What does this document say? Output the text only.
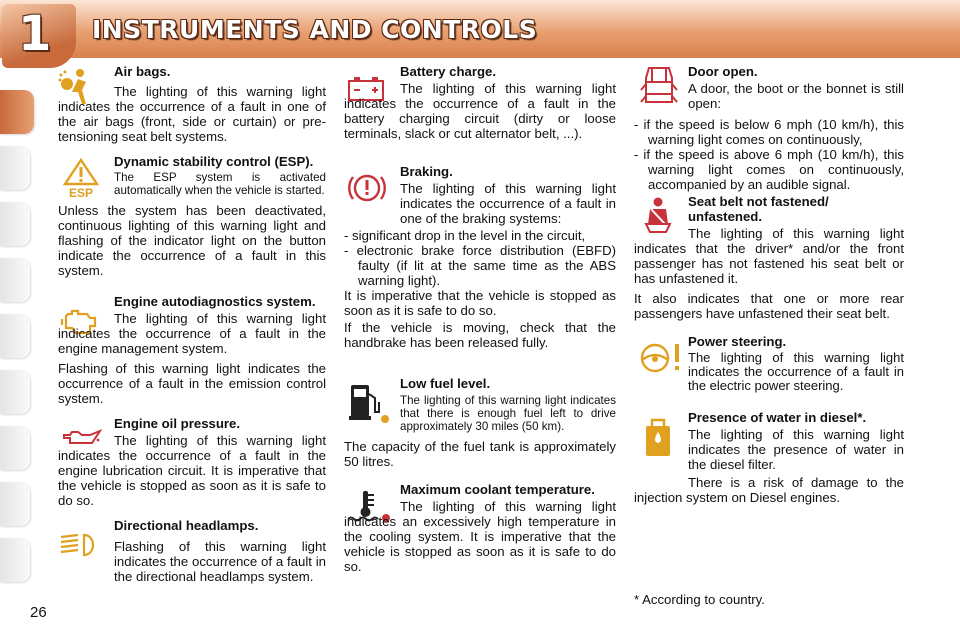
1 INSTRUMENTS AND CONTROLS

Air bags.

The lighting of this warning light indicates the occurrence of a fault in one of the air bags (front, side or curtain) or pre-tensioning seat belt systems.

ESP

Dynamic stability control (ESP).

The ESP system is activated automatically when the vehicle is started.

Unless the system has been deactivated, continuous lighting of this warning light and flashing of the indicator light on the button indicate the occurrence of a fault in this system.

Engine autodiagnostics system.

The lighting of this warning light indicates the occurrence of a fault in the engine management system.

Flashing of this warning light indicates the occurrence of a fault in the emission control system.

Engine oil pressure.

The lighting of this warning light indicates the occurrence of a fault in the engine lubrication circuit. It is imperative that the vehicle is stopped as soon as it is safe to do so.

Directional headlamps.

Flashing of this warning light indicates the occurrence of a fault in the directional headlamps system.

Battery charge.

The lighting of this warning light indicates the occurrence of a fault in the battery charging circuit (dirty or loose terminals, slack or cut alternator belt, ...).

Braking.

The lighting of this warning light indicates the occurrence of a fault in one of the braking systems:

- significant drop in the level in the circuit,

- electronic brake force distribution (EBFD) faulty (if lit at the same time as the ABS warning light).

It is imperative that the vehicle is stopped as soon as it is safe to do so.

If the vehicle is moving, check that the handbrake has been released fully.

Low fuel level.

The lighting of this warning light indicates that there is enough fuel left to drive approximately 30 miles (50 km).

The capacity of the fuel tank is approximately 50 litres.

Maximum coolant temperature.

The lighting of this warning light indicates an excessively high temperature in the cooling system. It is imperative that the vehicle is stopped as soon as it is safe to do so.

Door open.

A door, the boot or the bonnet is still open:

- if the speed is below 6 mph (10 km/h), this warning light comes on continuously,

- if the speed is above 6 mph (10 km/h), this warning light comes on continuously, accompanied by an audible signal.

Seat belt not fastened/ unfastened.

The lighting of this warning light indicates that the driver* and/or the front passenger has not fastened his seat belt or has unfastened it.

It also indicates that one or more rear passengers have unfastened their seat belt.

Power steering.

The lighting of this warning light indicates the occurrence of a fault in the electric power steering.

Presence of water in diesel*.

The lighting of this warning light indicates the presence of water in the diesel filter.

There is a risk of damage to the injection system on Diesel engines.

* According to country.
26
